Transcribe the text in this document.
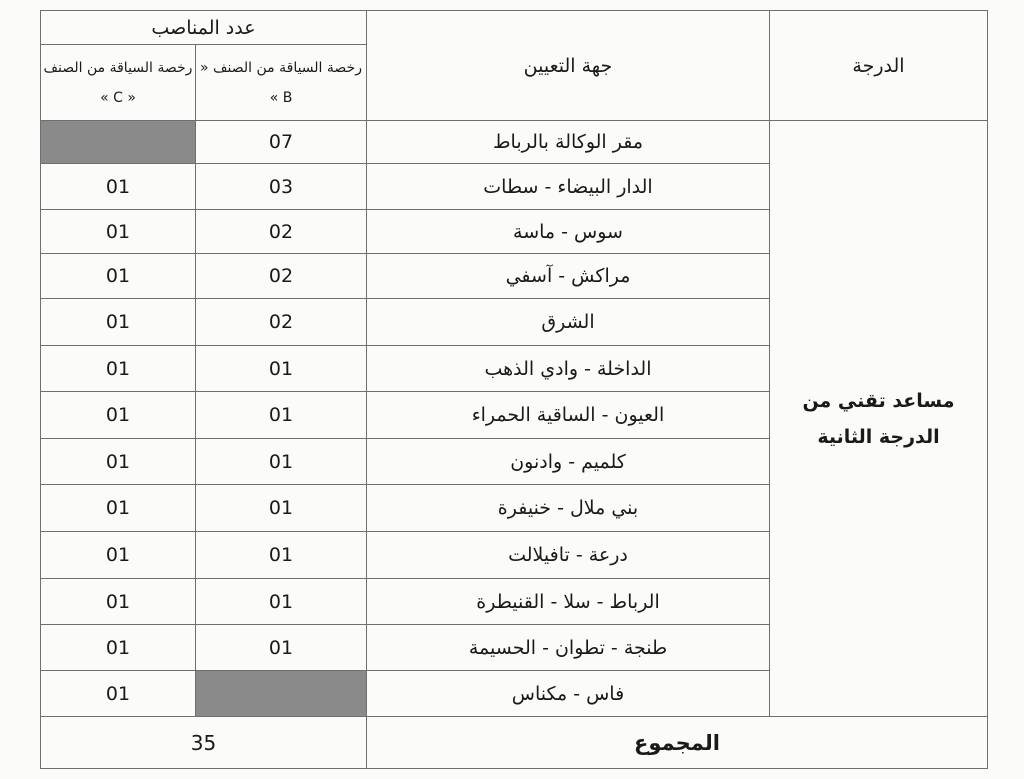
عدد المناصب		جهة التعيين	الدرجة
رخصة السياقة من الصنف « C »	رخصة السياقة من الصنف « B »		
	07	مقر الوكالة بالرباط	مساعد تقني من الدرجة الثانية
01	03	الدار البيضاء - سطات	
01	02	سوس - ماسة	
01	02	مراكش - آسفي	
01	02	الشرق	
01	01	الداخلة - وادي الذهب	
01	01	العيون - الساقية الحمراء	
01	01	كلميم - وادنون	
01	01	بني ملال - خنيفرة	
01	01	درعة - تافيلالت	
01	01	الرباط - سلا - القنيطرة	
01	01	طنجة - تطوان - الحسيمة	
01		فاس - مكناس	
35		المجموع	
